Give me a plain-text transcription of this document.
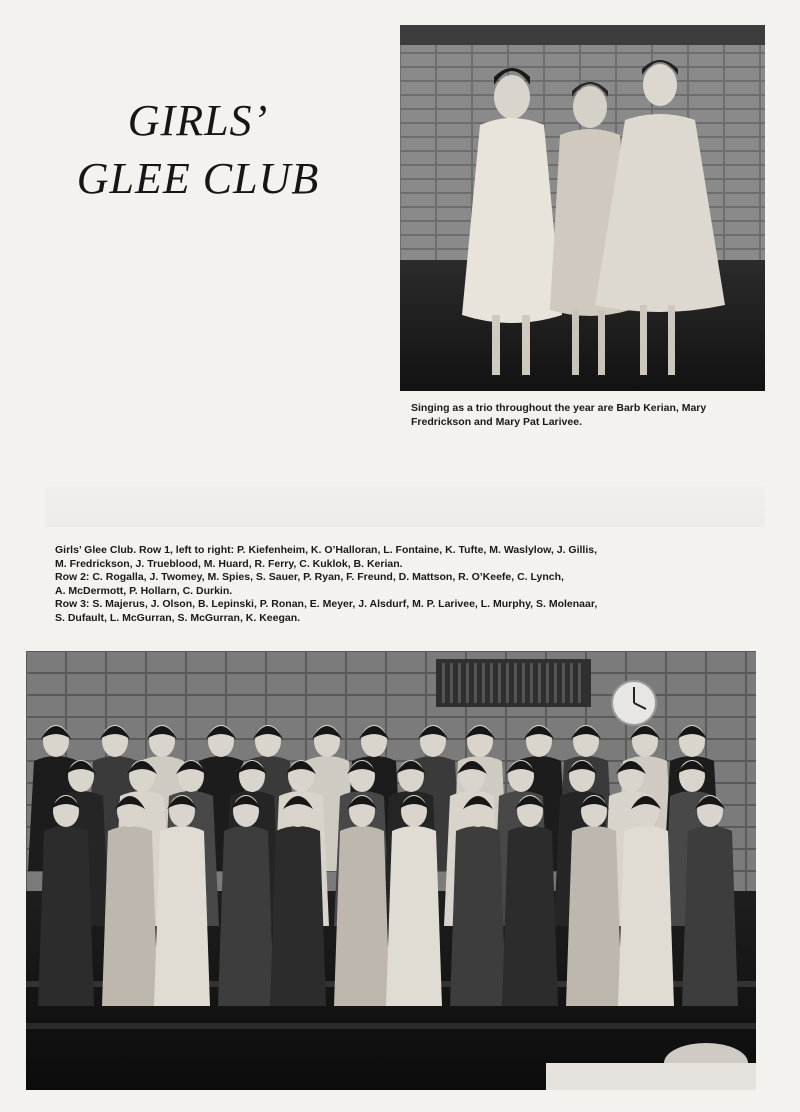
GIRLS’
GLEE CLUB
Singing as a trio throughout the year are Barb Kerian, Mary
Fredrickson and Mary Pat Larivee.
Girls’ Glee Club. Row 1, left to right: P. Kiefenheim, K. O’Halloran, L. Fontaine, K. Tufte, M. Waslylow, J. Gillis,
M. Fredrickson, J. Trueblood, M. Huard, R. Ferry, C. Kuklok, B. Kerian.
Row 2: C. Rogalla, J. Twomey, M. Spies, S. Sauer, P. Ryan, F. Freund, D. Mattson, R. O’Keefe, C. Lynch,
A. McDermott, P. Hollarn, C. Durkin.
Row 3: S. Majerus, J. Olson, B. Lepinski, P. Ronan, E. Meyer, J. Alsdurf, M. P. Larivee, L. Murphy, S. Molenaar,
S. Dufault, L. McGurran, S. McGurran, K. Keegan.
